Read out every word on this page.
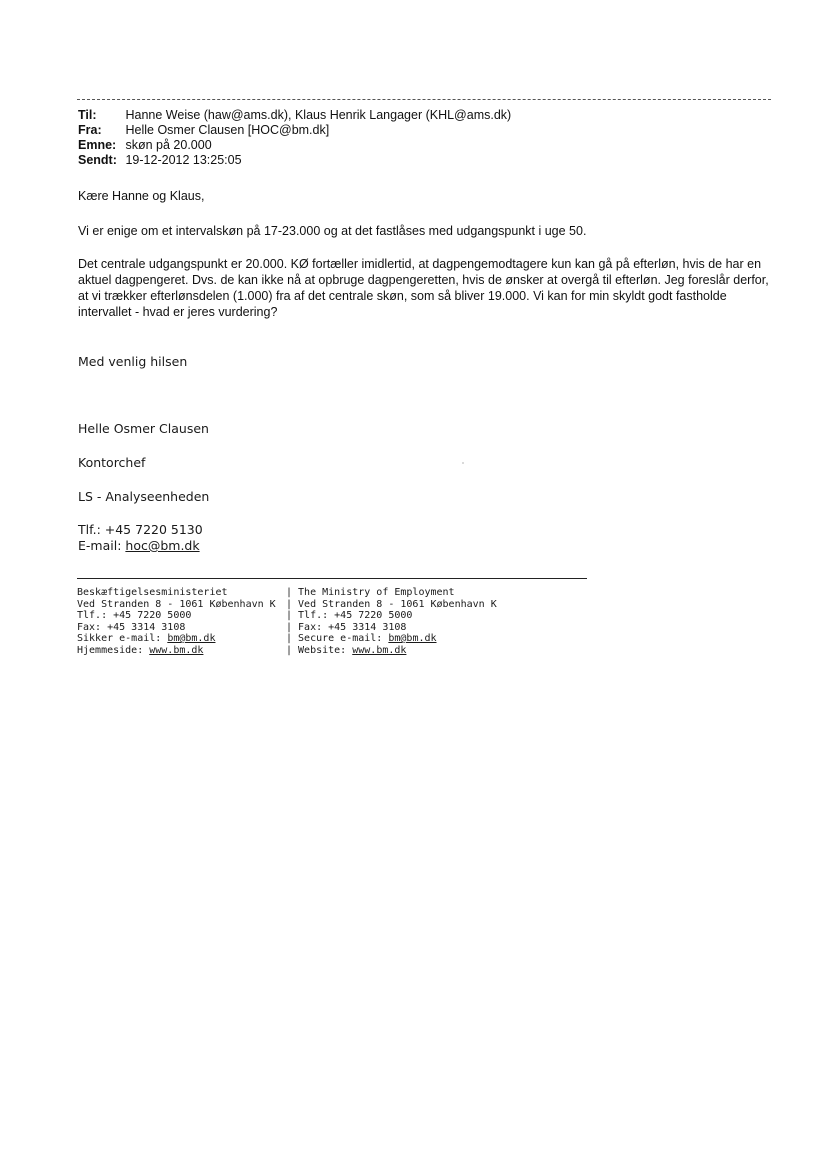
Til: Hanne Weise (haw@ams.dk), Klaus Henrik Langager (KHL@ams.dk)
Fra: Helle Osmer Clausen [HOC@bm.dk]
Emne: skøn på 20.000
Sendt: 19-12-2012 13:25:05
Kære Hanne og Klaus,
Vi er enige om et intervalskøn på 17-23.000 og at det fastlåses med udgangspunkt i uge 50.
Det centrale udgangspunkt er 20.000. KØ fortæller imidlertid, at dagpengemodtagere kun kan gå på efterløn, hvis de har en aktuel dagpengeret. Dvs. de kan ikke nå at opbruge dagpengeretten, hvis de ønsker at overgå til efterløn. Jeg foreslår derfor, at vi trækker efterlønsdelen (1.000) fra af det centrale skøn, som så bliver 19.000. Vi kan for min skyldt godt fastholde intervallet - hvad er jeres vurdering?
Med venlig hilsen
Helle Osmer Clausen
Kontorchef
LS - Analyseenheden
Tlf.: +45 7220 5130
E-mail: hoc@bm.dk
Beskæftigelsesministeriet
Ved Stranden 8 - 1061 København K
Tlf.: +45 7220 5000
Fax: +45 3314 3108
Sikker e-mail: bm@bm.dk
Hjemmeside: www.bm.dk
| The Ministry of Employment
| Ved Stranden 8 - 1061 København K
| Tlf.: +45 7220 5000
| Fax: +45 3314 3108
| Secure e-mail: bm@bm.dk
| Website: www.bm.dk
